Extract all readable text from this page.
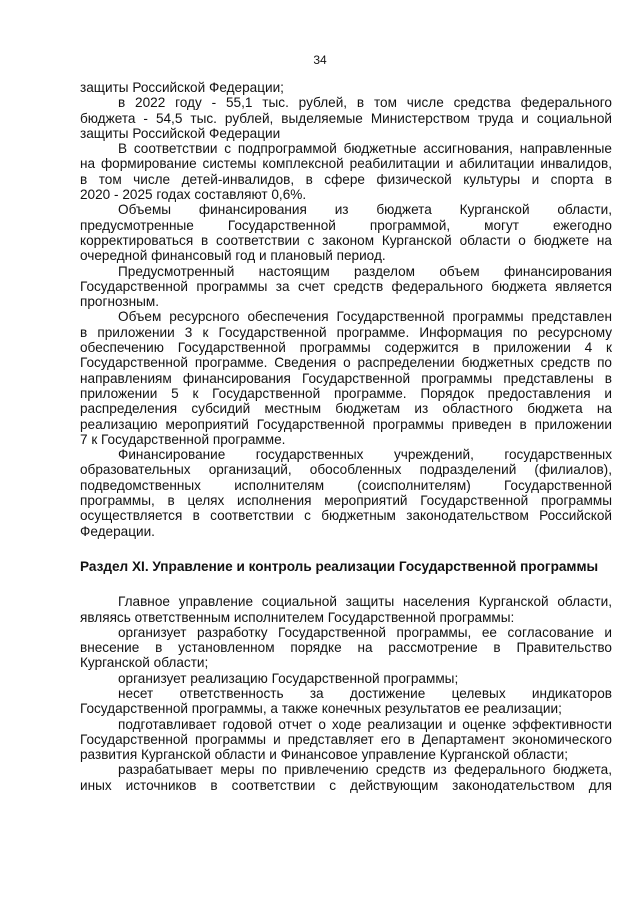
34
защиты Российской Федерации;
в 2022 году - 55,1 тыс. рублей, в том числе средства федерального
бюджета - 54,5 тыс. рублей, выделяемые Министерством труда и социальной
защиты Российской Федерации
В соответствии с подпрограммой бюджетные ассигнования, направленные
на формирование системы комплексной реабилитации и абилитации инвалидов,
в том числе детей-инвалидов, в сфере физической культуры и спорта в
2020 - 2025 годах составляют 0,6%.
Объемы финансирования из бюджета Курганской области,
предусмотренные Государственной программой, могут ежегодно
корректироваться в соответствии с законом Курганской области о бюджете на
очередной финансовый год и плановый период.
Предусмотренный настоящим разделом объем финансирования
Государственной программы за счет средств федерального бюджета является
прогнозным.
Объем ресурсного обеспечения Государственной программы представлен
в приложении 3 к Государственной программе. Информация по ресурсному
обеспечению Государственной программы содержится в приложении 4 к
Государственной программе. Сведения о распределении бюджетных средств по
направлениям финансирования Государственной программы представлены в
приложении 5 к Государственной программе. Порядок предоставления и
распределения субсидий местным бюджетам из областного бюджета на
реализацию мероприятий Государственной программы приведен в приложении
7 к Государственной программе.
Финансирование государственных учреждений, государственных
образовательных организаций, обособленных подразделений (филиалов),
подведомственных исполнителям (соисполнителям) Государственной
программы, в целях исполнения мероприятий Государственной программы
осуществляется в соответствии с бюджетным законодательством Российской
Федерации.
Раздел XI. Управление и контроль реализации Государственной программы
Главное управление социальной защиты населения Курганской области,
являясь ответственным исполнителем Государственной программы:
организует разработку Государственной программы, ее согласование и
внесение в установленном порядке на рассмотрение в Правительство
Курганской области;
организует реализацию Государственной программы;
несет ответственность за достижение целевых индикаторов
Государственной программы, а также конечных результатов ее реализации;
подготавливает годовой отчет о ходе реализации и оценке эффективности
Государственной программы и представляет его в Департамент экономического
развития Курганской области и Финансовое управление Курганской области;
разрабатывает меры по привлечению средств из федерального бюджета,
иных источников в соответствии с действующим законодательством для
